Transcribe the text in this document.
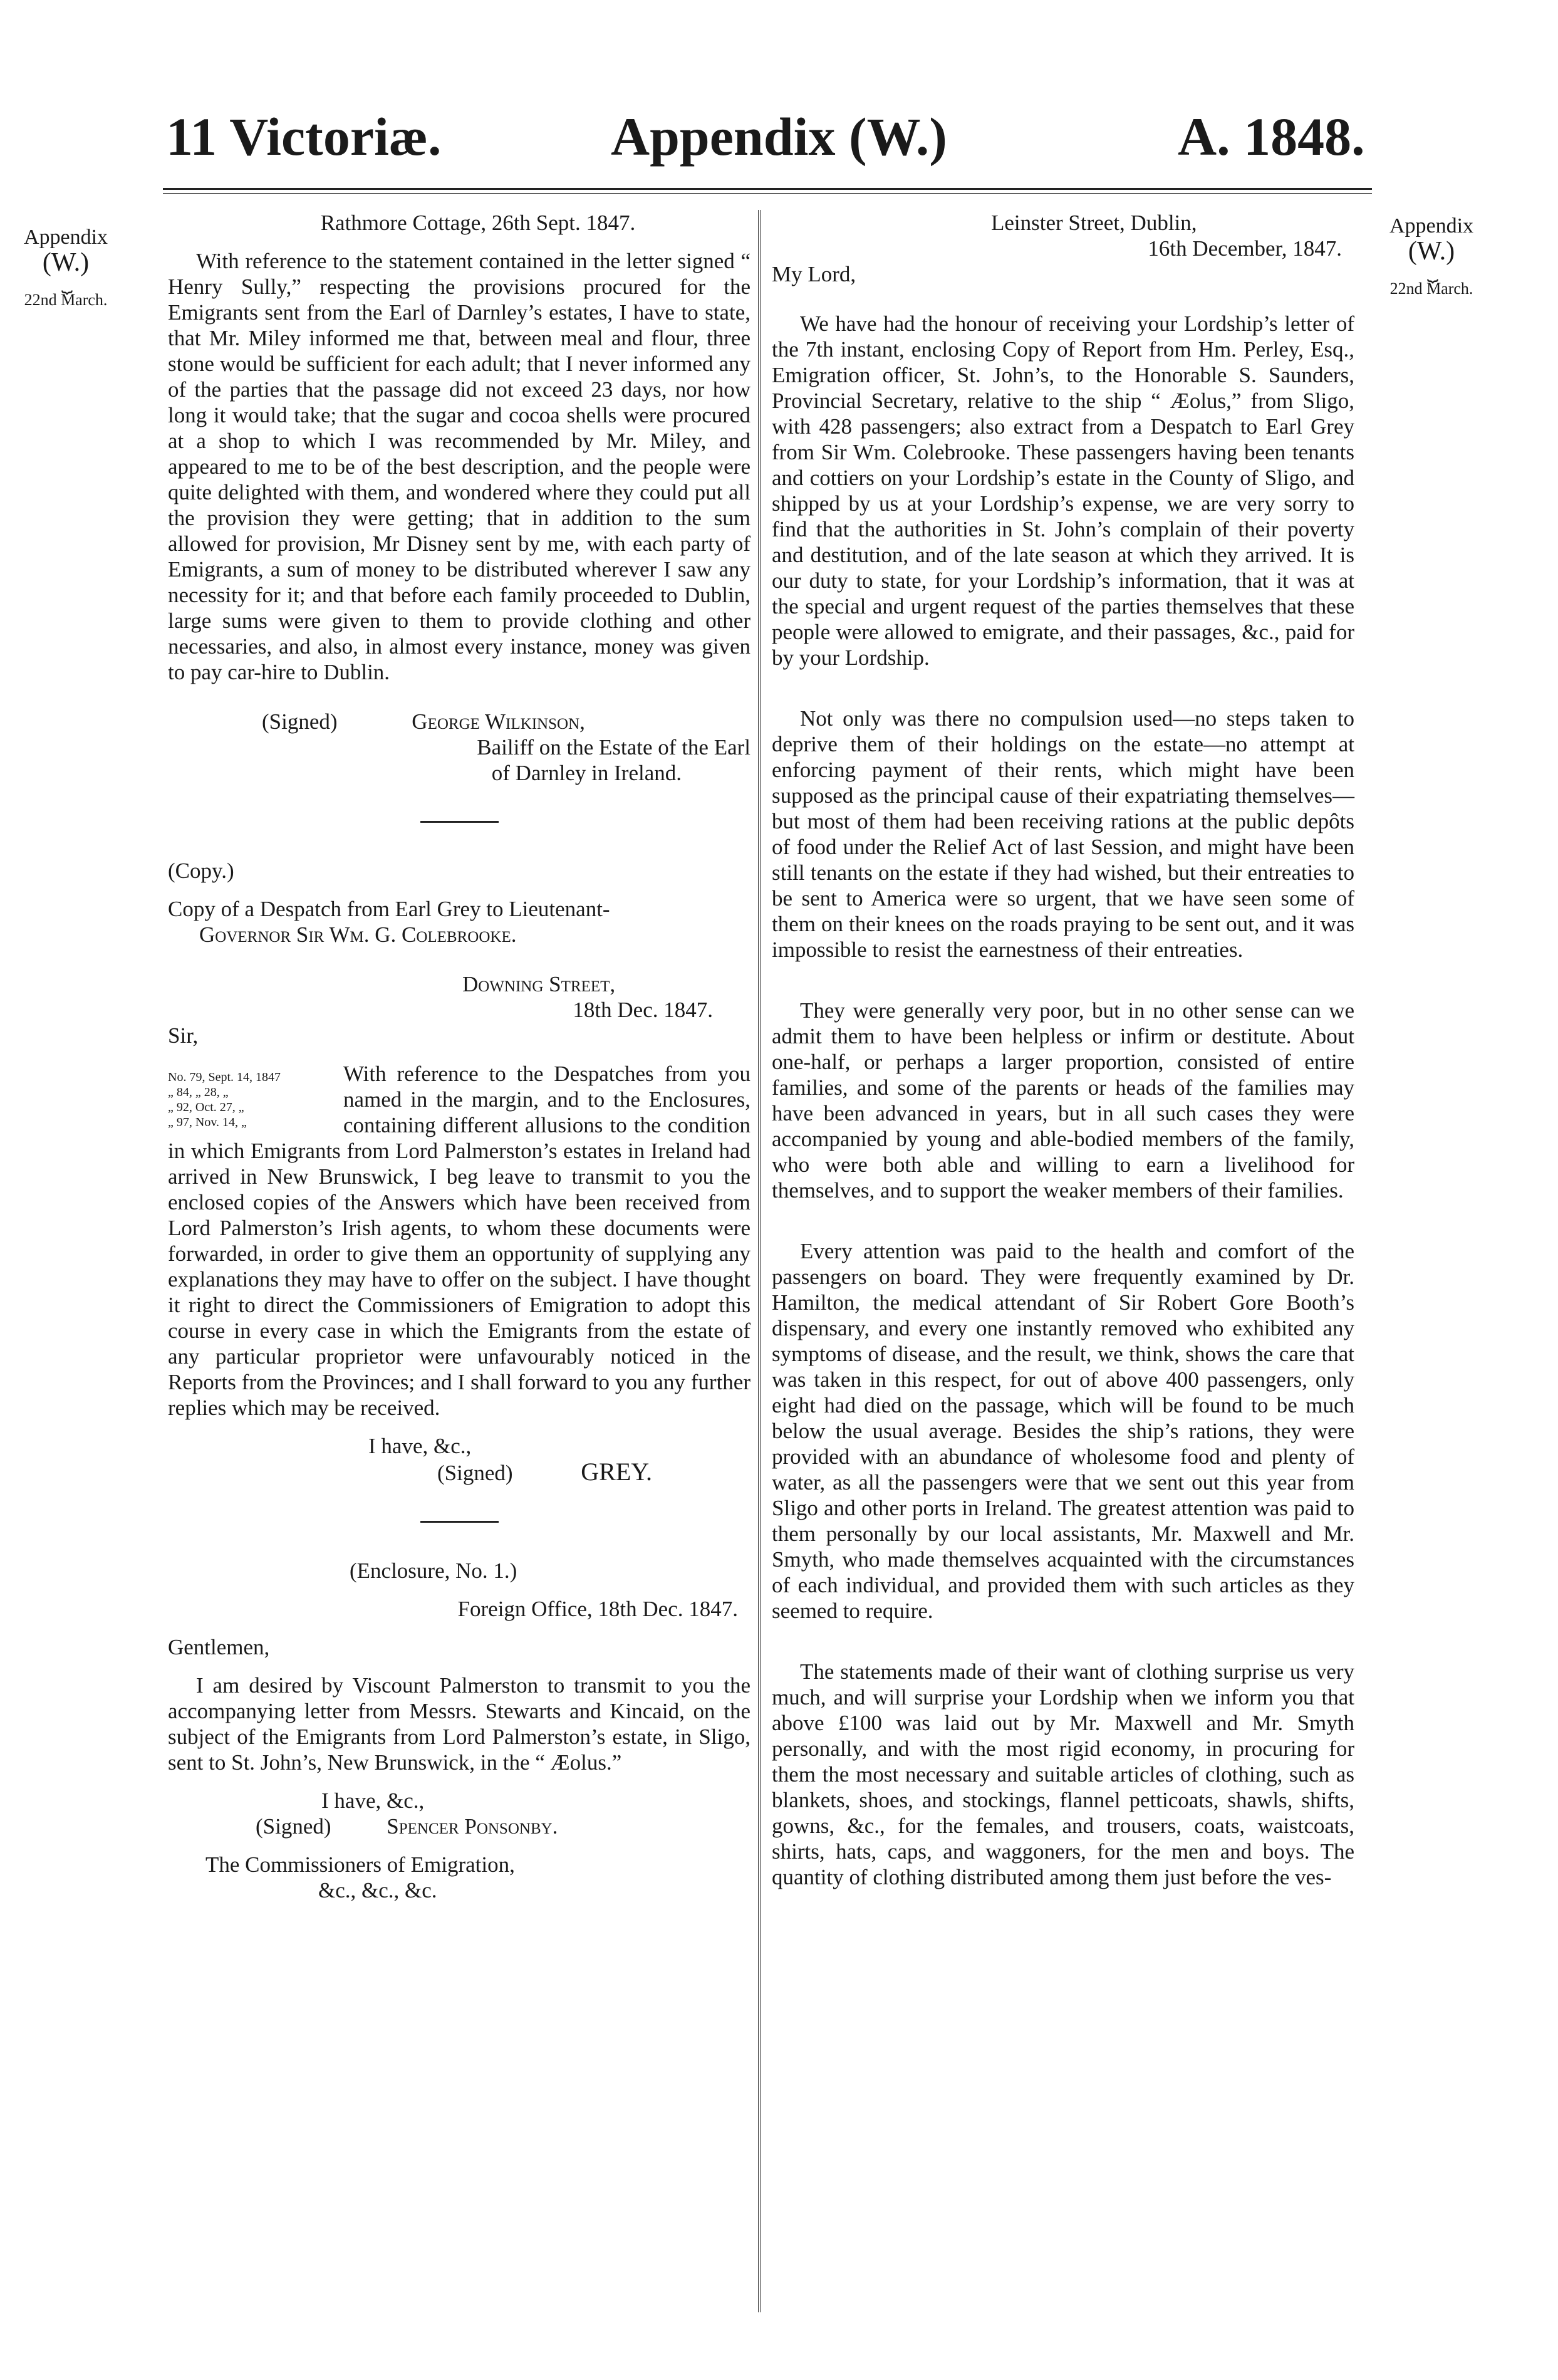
11 Victoriæ.	Appendix (W.)	A. 1848.
Appendix
(W.)
⏟
22nd March.
Appendix
(W.)
⏟
22nd March.

Rathmore Cottage, 26th Sept. 1847.

With reference to the statement contained in the letter signed “ Henry Sully,” respecting the provisions procured for the Emigrants sent from the Earl of Darnley’s estates, I have to state, that Mr. Miley informed me that, between meal and flour, three stone would be sufficient for each adult; that I never informed any of the parties that the passage did not exceed 23 days, nor how long it would take; that the sugar and cocoa shells were procured at a shop to which I was recommended by Mr. Miley, and appeared to me to be of the best description, and the people were quite delighted with them, and wondered where they could put all the provision they were getting; that in addition to the sum allowed for provision, Mr Disney sent by me, with each party of Emigrants, a sum of money to be distributed wherever I saw any necessity for it; and that before each family proceeded to Dublin, large sums were given to them to provide clothing and other necessaries, and also, in almost every instance, money was given to pay car-hire to Dublin.

(Signed)	George Wilkinson,

Bailiff on the Estate of the Earl

of Darnley in Ireland.

(Copy.)

Copy of a Despatch from Earl Grey to Lieutenant-

Governor Sir Wm. G. Colebrooke.

Downing Street,

18th Dec. 1847.

Sir,

No. 79, Sept. 14, 1847
„ 84, „ 28, „
„ 92, Oct. 27, „
„ 97, Nov. 14, „

With reference to the Despatches from you named in the margin, and to the Enclosures, containing different allusions to the condition in which Emigrants from Lord Palmerston’s estates in Ireland had arrived in New Brunswick, I beg leave to transmit to you the enclosed copies of the Answers which have been received from Lord Palmerston’s Irish agents, to whom these documents were forwarded, in order to give them an opportunity of supplying any explanations they may have to offer on the subject. I have thought it right to direct the Commissioners of Emigration to adopt this course in every case in which the Emigrants from the estate of any particular proprietor were unfavourably noticed in the Reports from the Provinces; and I shall forward to you any further replies which may be received.

I have, &c.,

(Signed)	GREY.

(Enclosure, No. 1.)

Foreign Office, 18th Dec. 1847.

Gentlemen,

I am desired by Viscount Palmerston to transmit to you the accompanying letter from Messrs. Stewarts and Kincaid, on the subject of the Emigrants from Lord Palmerston’s estate, in Sligo, sent to St. John’s, New Brunswick, in the “ Æolus.”

I have, &c.,

(Signed)	Spencer Ponsonby.

The Commissioners of Emigration,

&c., &c., &c.

Leinster Street, Dublin,

16th December, 1847.

My Lord,

We have had the honour of receiving your Lordship’s letter of the 7th instant, enclosing Copy of Report from Hm. Perley, Esq., Emigration officer, St. John’s, to the Honorable S. Saunders, Provincial Secretary, relative to the ship “ Æolus,” from Sligo, with 428 passengers; also extract from a Despatch to Earl Grey from Sir Wm. Colebrooke. These passengers having been tenants and cottiers on your Lordship’s estate in the County of Sligo, and shipped by us at your Lordship’s expense, we are very sorry to find that the authorities in St. John’s complain of their poverty and destitution, and of the late season at which they arrived. It is our duty to state, for your Lordship’s information, that it was at the special and urgent request of the parties themselves that these people were allowed to emigrate, and their passages, &c., paid for by your Lordship.

Not only was there no compulsion used—no steps taken to deprive them of their holdings on the estate—no attempt at enforcing payment of their rents, which might have been supposed as the principal cause of their expatriating themselves—but most of them had been receiving rations at the public depôts of food under the Relief Act of last Session, and might have been still tenants on the estate if they had wished, but their entreaties to be sent to America were so urgent, that we have seen some of them on their knees on the roads praying to be sent out, and it was impossible to resist the earnestness of their entreaties.

They were generally very poor, but in no other sense can we admit them to have been helpless or infirm or destitute. About one-half, or perhaps a larger proportion, consisted of entire families, and some of the parents or heads of the families may have been advanced in years, but in all such cases they were accompanied by young and able-bodied members of the family, who were both able and willing to earn a livelihood for themselves, and to support the weaker members of their families.

Every attention was paid to the health and comfort of the passengers on board. They were frequently examined by Dr. Hamilton, the medical attendant of Sir Robert Gore Booth’s dispensary, and every one instantly removed who exhibited any symptoms of disease, and the result, we think, shows the care that was taken in this respect, for out of above 400 passengers, only eight had died on the passage, which will be found to be much below the usual average. Besides the ship’s rations, they were provided with an abundance of wholesome food and plenty of water, as all the passengers were that we sent out this year from Sligo and other ports in Ireland. The greatest attention was paid to them personally by our local assistants, Mr. Maxwell and Mr. Smyth, who made themselves acquainted with the circumstances of each individual, and provided them with such articles as they seemed to require.

The statements made of their want of clothing surprise us very much, and will surprise your Lordship when we inform you that above £100 was laid out by Mr. Maxwell and Mr. Smyth personally, and with the most rigid economy, in procuring for them the most necessary and suitable articles of clothing, such as blankets, shoes, and stockings, flannel petticoats, shawls, shifts, gowns, &c., for the females, and trousers, coats, waistcoats, shirts, hats, caps, and waggoners, for the men and boys. The quantity of clothing distributed among them just before the ves-
